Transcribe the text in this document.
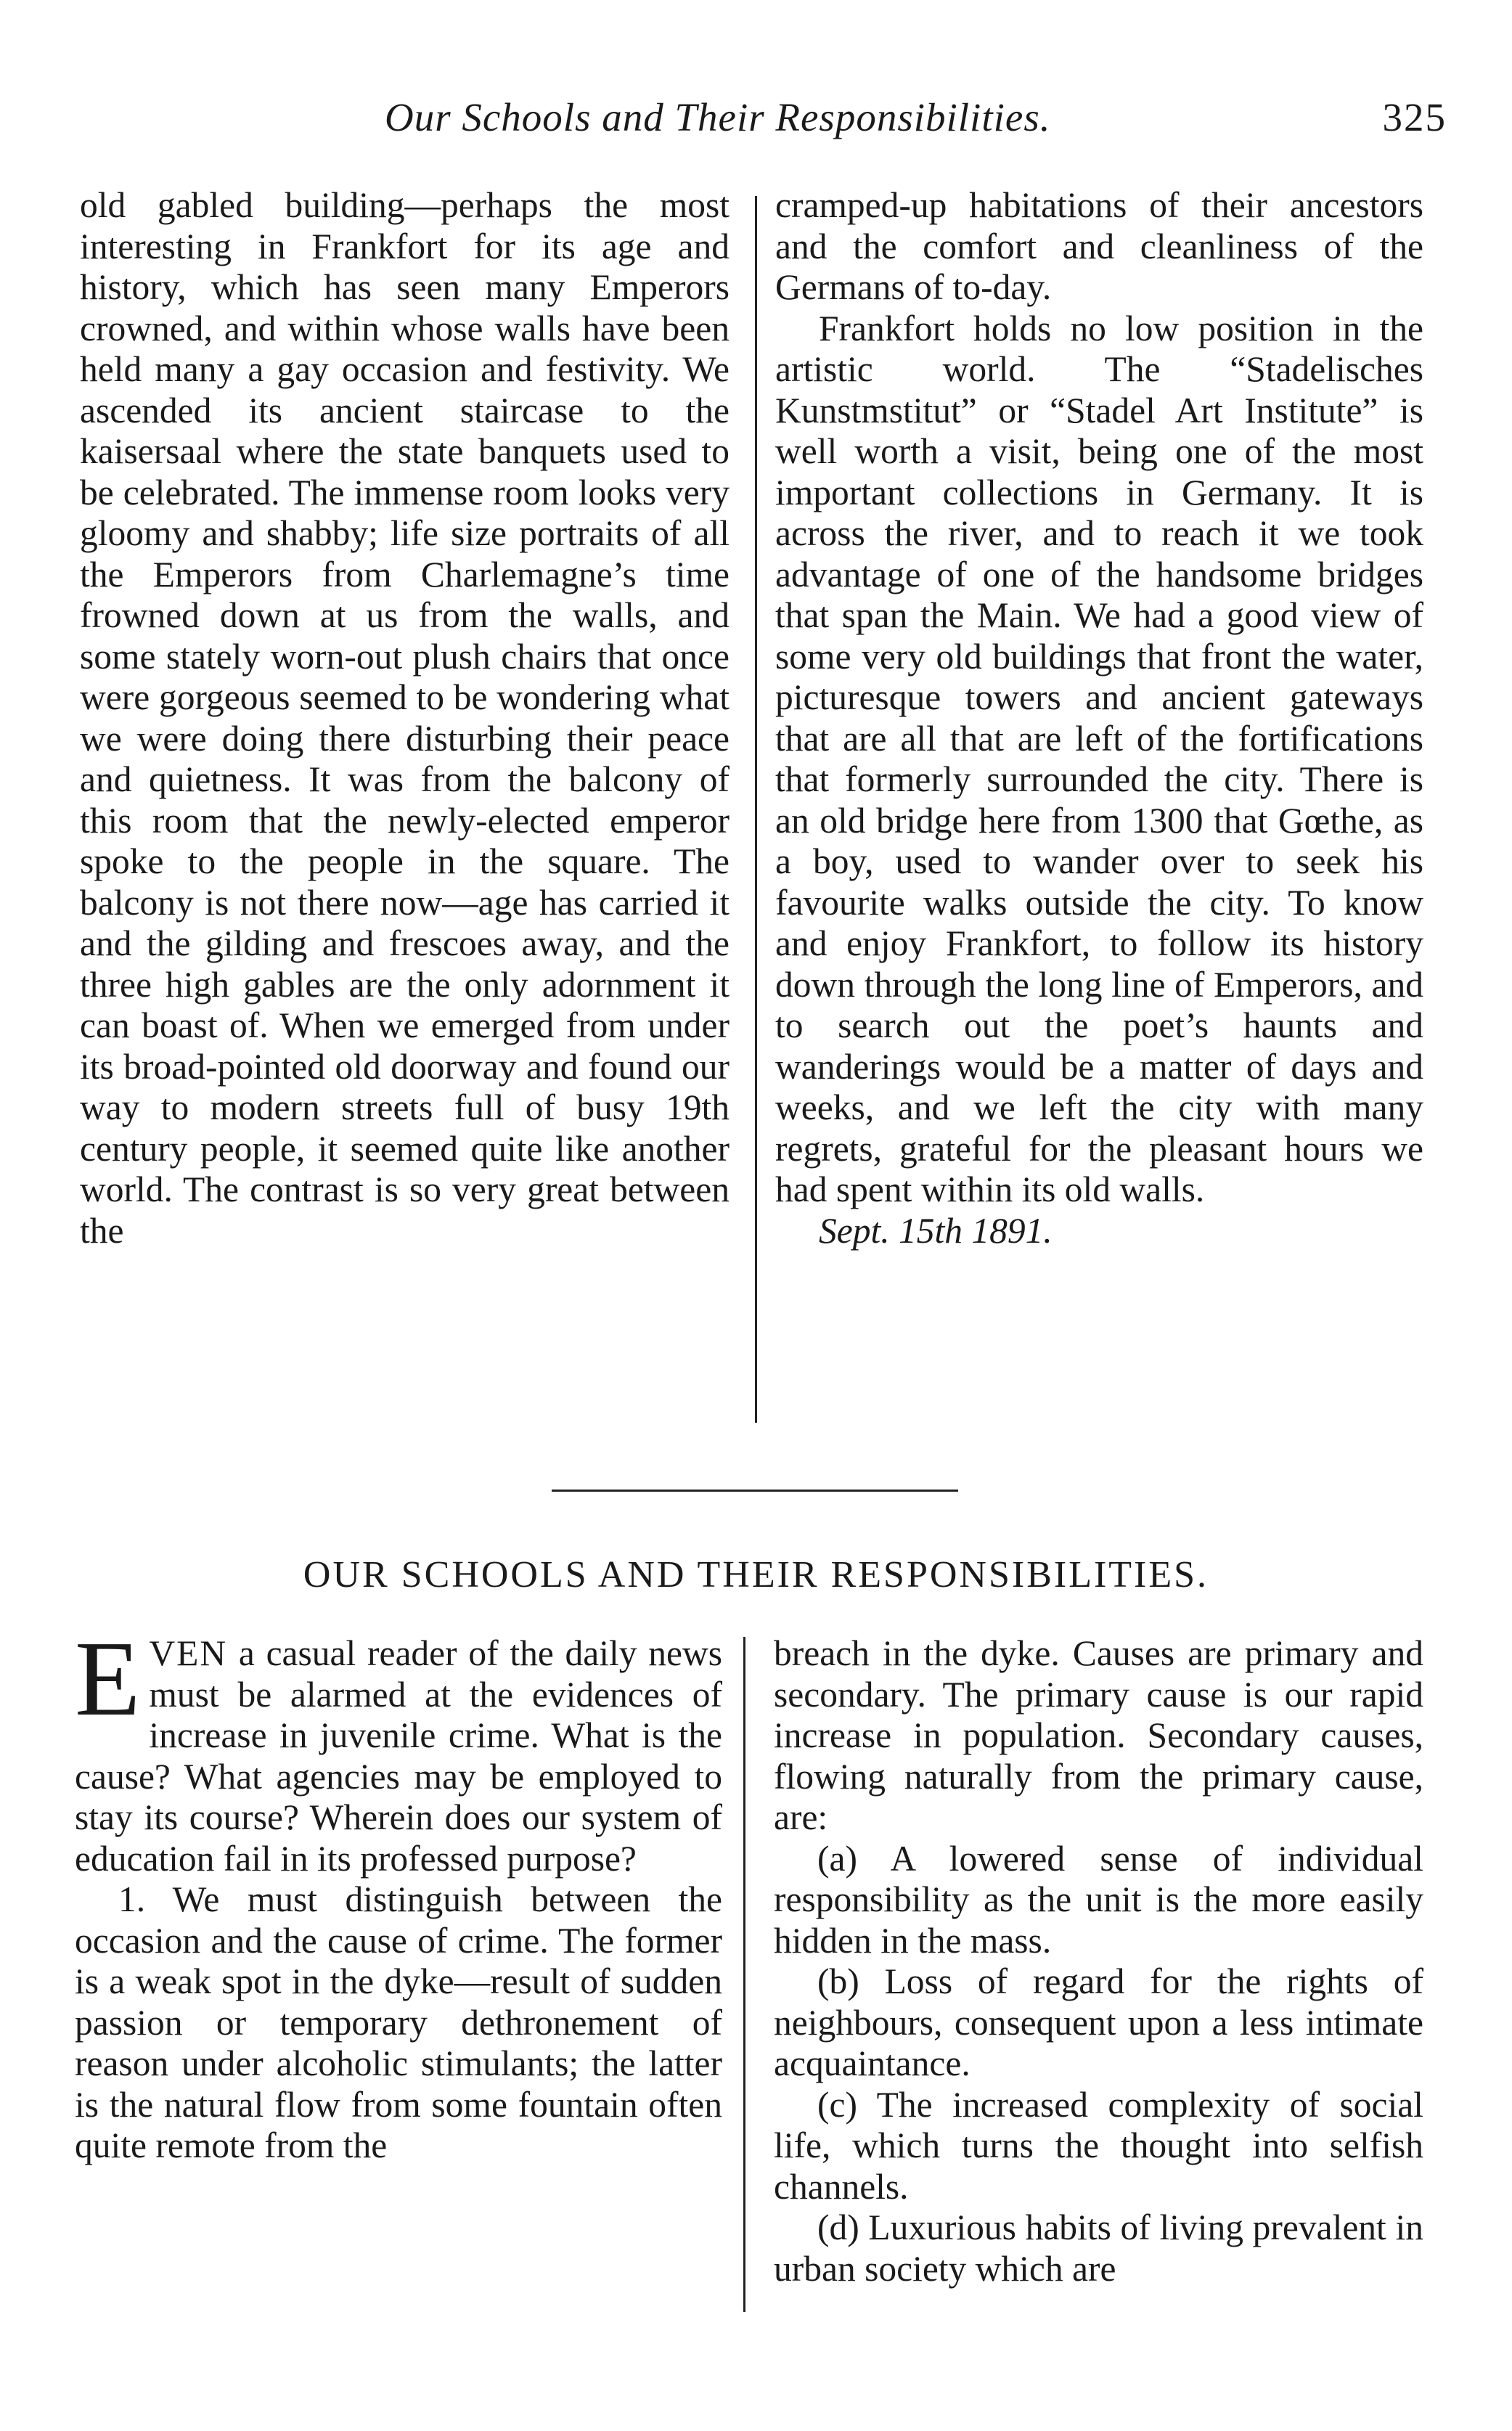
Our Schools and Their Responsibilities.	325

old gabled building—perhaps the most interesting in Frankfort for its age and history, which has seen many Emperors crowned, and within whose walls have been held many a gay occasion and festivity. We ascended its ancient staircase to the kaisersaal where the state banquets used to be celebrated. The immense room looks very gloomy and shabby; life size portraits of all the Emperors from Charlemagne’s time frowned down at us from the walls, and some stately worn-out plush chairs that once were gorgeous seemed to be wondering what we were doing there disturbing their peace and quietness. It was from the balcony of this room that the newly-elected emperor spoke to the people in the square. The balcony is not there now—age has carried it and the gilding and frescoes away, and the three high gables are the only adornment it can boast of. When we emerged from under its broad-pointed old doorway and found our way to modern streets full of busy 19th century people, it seemed quite like another world. The contrast is so very great between the

cramped-up habitations of their ancestors and the comfort and cleanliness of the Germans of to-day.

Frankfort holds no low position in the artistic world. The “Stadelisches Kunstmstitut” or “Stadel Art Institute” is well worth a visit, being one of the most important collections in Germany. It is across the river, and to reach it we took advantage of one of the handsome bridges that span the Main. We had a good view of some very old buildings that front the water, picturesque towers and ancient gateways that are all that are left of the fortifications that formerly surrounded the city. There is an old bridge here from 1300 that Gœthe, as a boy, used to wander over to seek his favourite walks outside the city. To know and enjoy Frankfort, to follow its history down through the long line of Emperors, and to search out the poet’s haunts and wanderings would be a matter of days and weeks, and we left the city with many regrets, grateful for the pleasant hours we had spent within its old walls.

Sept. 15th 1891.

OUR SCHOOLS AND THEIR RESPONSIBILITIES.

EVEN a casual reader of the daily news must be alarmed at the evidences of increase in juvenile crime. What is the cause? What agencies may be employed to stay its course? Wherein does our system of education fail in its professed purpose?

1. We must distinguish between the occasion and the cause of crime. The former is a weak spot in the dyke—result of sudden passion or temporary dethronement of reason under alcoholic stimulants; the latter is the natural flow from some fountain often quite remote from the

breach in the dyke. Causes are primary and secondary. The primary cause is our rapid increase in population. Secondary causes, flowing naturally from the primary cause, are:

(a) A lowered sense of individual responsibility as the unit is the more easily hidden in the mass.

(b) Loss of regard for the rights of neighbours, consequent upon a less intimate acquaintance.

(c) The increased complexity of social life, which turns the thought into selfish channels.

(d) Luxurious habits of living prevalent in urban society which are
